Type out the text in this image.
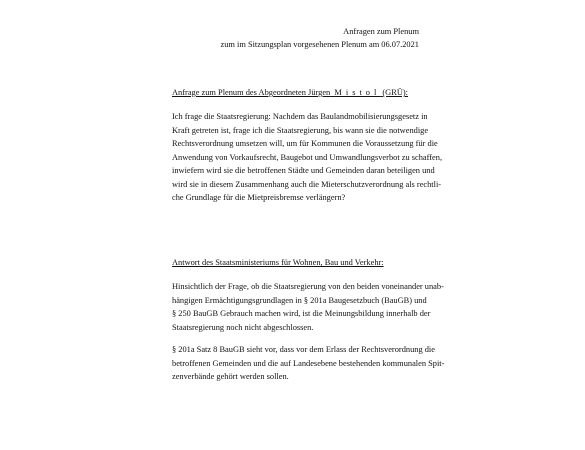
Anfragen zum Plenum
zum im Sitzungsplan vorgesehenen Plenum am 06.07.2021
Anfrage zum Plenum des Abgeordneten Jürgen Mistol (GRÜ):
Ich frage die Staatsregierung: Nachdem das Baulandmobilisierungsgesetz in
Kraft getreten ist, frage ich die Staatsregierung, bis wann sie die notwendige
Rechtsverordnung umsetzen will, um für Kommunen die Voraussetzung für die
Anwendung von Vorkaufsrecht, Baugebot und Umwandlungsverbot zu schaffen,
inwiefern wird sie die betroffenen Städte und Gemeinden daran beteiligen und
wird sie in diesem Zusammenhang auch die Mieterschutzverordnung als rechtli-
che Grundlage für die Mietpreisbremse verlängern?
Antwort des Staatsministeriums für Wohnen, Bau und Verkehr:
Hinsichtlich der Frage, ob die Staatsregierung von den beiden voneinander unab-
hängigen Ermächtigungsgrundlagen in § 201a Baugesetzbuch (BauGB) und
§ 250 BauGB Gebrauch machen wird, ist die Meinungsbildung innerhalb der
Staatsregierung noch nicht abgeschlossen.
§ 201a Satz 8 BauGB sieht vor, dass vor dem Erlass der Rechtsverordnung die
betroffenen Gemeinden und die auf Landesebene bestehenden kommunalen Spit-
zenverbände gehört werden sollen.
